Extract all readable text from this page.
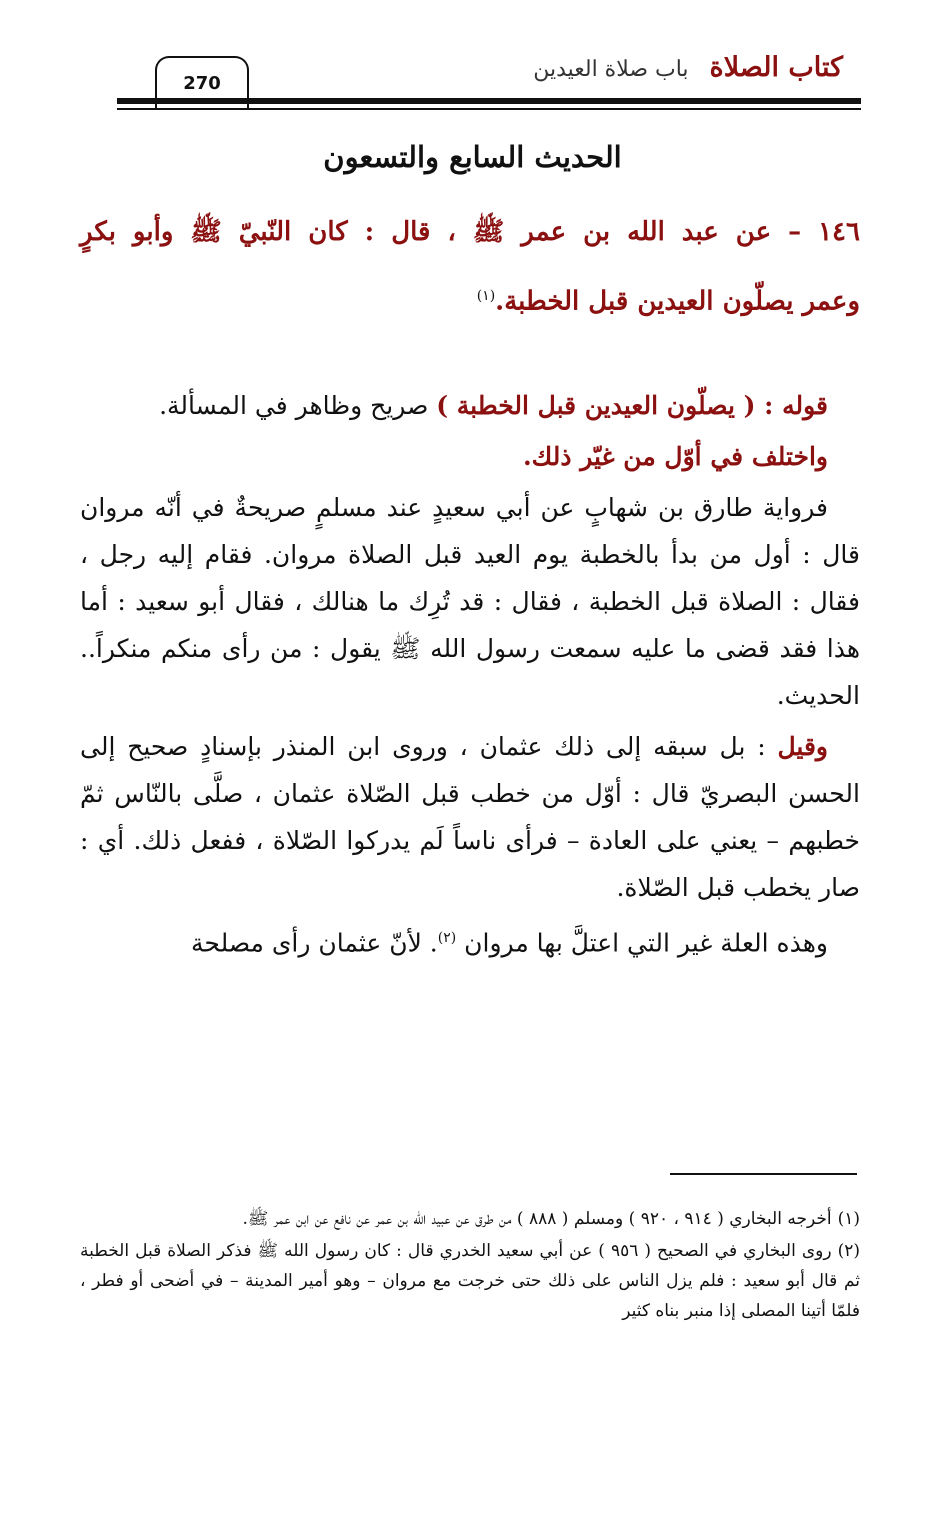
كتاب الصلاة باب صلاة العيدين
270
الحديث السابع والتسعون

١٤٦ – عن عبد الله بن عمر ﷺ ، قال : كان النّبيّ ﷺ وأبو بكرٍ

وعمر يصلّون العيدين قبل الخطبة.$^{(١)}$

قوله : ( يصلّون العيدين قبل الخطبة ) صريح وظاهر في المسألة.

واختلف في أوّل من غيّر ذلك.

فرواية طارق بن شهابٍ عن أبي سعيدٍ عند مسلمٍ صريحةٌ في أنّه مروان قال : أول من بدأ بالخطبة يوم العيد قبل الصلاة مروان. فقام إليه رجل ، فقال : الصلاة قبل الخطبة ، فقال : قد تُرِك ما هنالك ، فقال أبو سعيد : أما هذا فقد قضى ما عليه سمعت رسول الله ﷺ يقول : من رأى منكم منكراً.. الحديث.

وقيل : بل سبقه إلى ذلك عثمان ، وروى ابن المنذر بإسنادٍ صحيح إلى الحسن البصريّ قال : أوّل من خطب قبل الصّلاة عثمان ، صلَّى بالنّاس ثمّ خطبهم – يعني على العادة – فرأى ناساً لَم يدركوا الصّلاة ، ففعل ذلك. أي : صار يخطب قبل الصّلاة.

وهذه العلة غير التي اعتلَّ بها مروان $^{(٢)}$. لأنّ عثمان رأى مصلحة

(١)أخرجه البخاري ( ٩١٤ ، ٩٢٠ ) ومسلم ( ٨٨٨ ) من طرق عن عبيد الله بن عمر عن نافع عن ابن عمر ﷺ.

(٢)روى البخاري في الصحيح ( ٩٥٦ ) عن أبي سعيد الخدري قال : كان رسول الله ﷺ فذكر الصلاة قبل الخطبة ثم قال أبو سعيد : فلم يزل الناس على ذلك حتى خرجت مع مروان – وهو أمير المدينة – في أضحى أو فطر ، فلمّا أتينا المصلى إذا منبر بناه كثير
